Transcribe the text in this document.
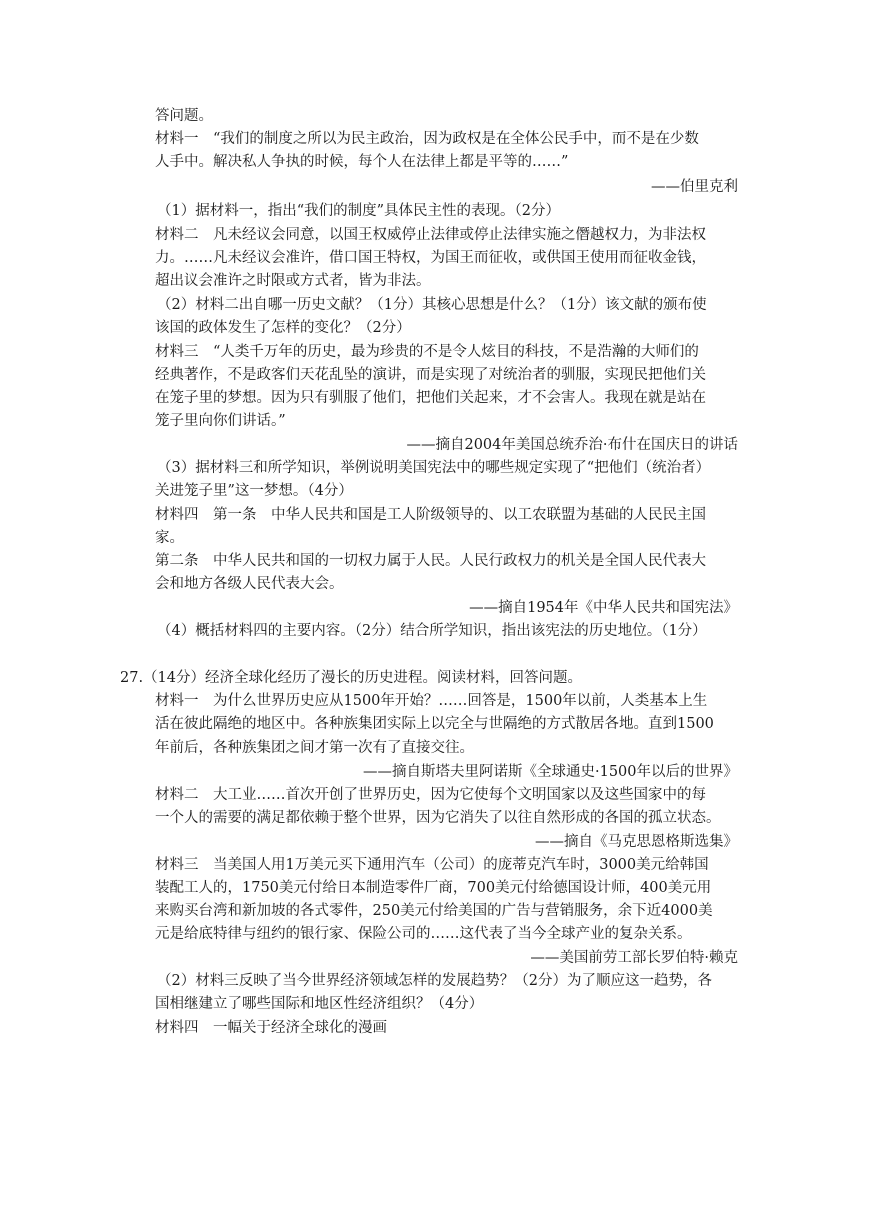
答问题。
材料一　“我们的制度之所以为民主政治，因为政权是在全体公民手中，而不是在少数
人手中。解决私人争执的时候，每个人在法律上都是平等的……”
——伯里克利
（1）据材料一，指出“我们的制度”具体民主性的表现。（2分）
材料二　凡未经议会同意，以国王权威停止法律或停止法律实施之僭越权力，为非法权
力。……凡未经议会准许，借口国王特权，为国王而征收，或供国王使用而征收金钱，
超出议会准许之时限或方式者，皆为非法。
（2）材料二出自哪一历史文献？（1分）其核心思想是什么？（1分）该文献的颁布使
该国的政体发生了怎样的变化？（2分）
材料三　“人类千万年的历史，最为珍贵的不是令人炫目的科技，不是浩瀚的大师们的
经典著作，不是政客们天花乱坠的演讲，而是实现了对统治者的驯服，实现民把他们关
在笼子里的梦想。因为只有驯服了他们，把他们关起来，才不会害人。我现在就是站在
笼子里向你们讲话。”
——摘自2004年美国总统乔治·布什在国庆日的讲话
（3）据材料三和所学知识，举例说明美国宪法中的哪些规定实现了“把他们（统治者）
关进笼子里”这一梦想。（4分）
材料四　第一条　中华人民共和国是工人阶级领导的、以工农联盟为基础的人民民主国
家。
第二条　中华人民共和国的一切权力属于人民。人民行政权力的机关是全国人民代表大
会和地方各级人民代表大会。
——摘自1954年《中华人民共和国宪法》
（4）概括材料四的主要内容。（2分）结合所学知识，指出该宪法的历史地位。（1分）
27.（14分）经济全球化经历了漫长的历史进程。阅读材料，回答问题。
材料一　为什么世界历史应从1500年开始？……回答是，1500年以前，人类基本上生
活在彼此隔绝的地区中。各种族集团实际上以完全与世隔绝的方式散居各地。直到1500
年前后，各种族集团之间才第一次有了直接交往。
——摘自斯塔夫里阿诺斯《全球通史·1500年以后的世界》
材料二　大工业……首次开创了世界历史，因为它使每个文明国家以及这些国家中的每
一个人的需要的满足都依赖于整个世界，因为它消失了以往自然形成的各国的孤立状态。
——摘自《马克思恩格斯选集》
材料三　当美国人用1万美元买下通用汽车（公司）的庞蒂克汽车时，3000美元给韩国
装配工人的，1750美元付给日本制造零件厂商，700美元付给德国设计师，400美元用
来购买台湾和新加坡的各式零件，250美元付给美国的广告与营销服务，余下近4000美
元是给底特律与纽约的银行家、保险公司的……这代表了当今全球产业的复杂关系。
——美国前劳工部长罗伯特·赖克
（2）材料三反映了当今世界经济领域怎样的发展趋势？（2分）为了顺应这一趋势，各
国相继建立了哪些国际和地区性经济组织？（4分）
材料四　一幅关于经济全球化的漫画
